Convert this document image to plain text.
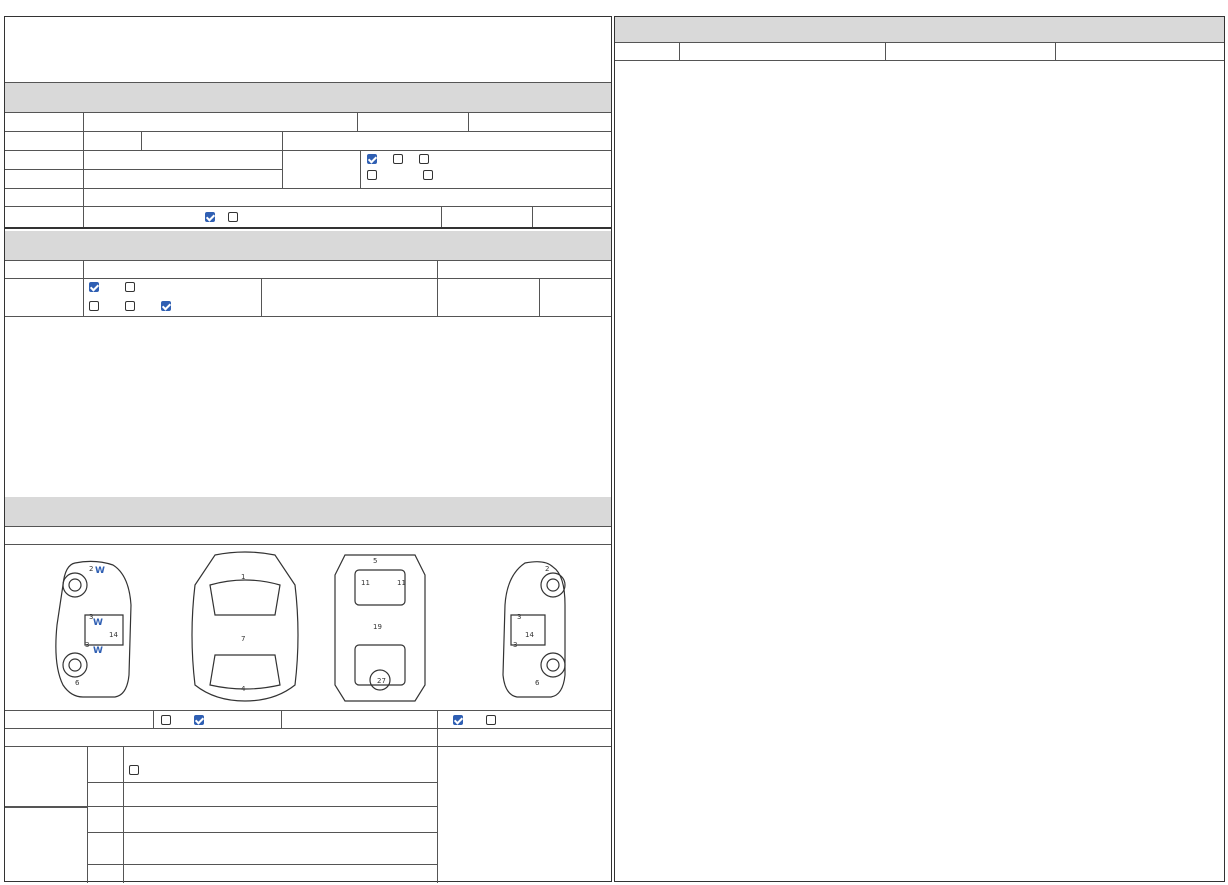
2
3
3
14
6
1
7
4
5
11	11
19
27
2
3
3
14
6
W
W
W
